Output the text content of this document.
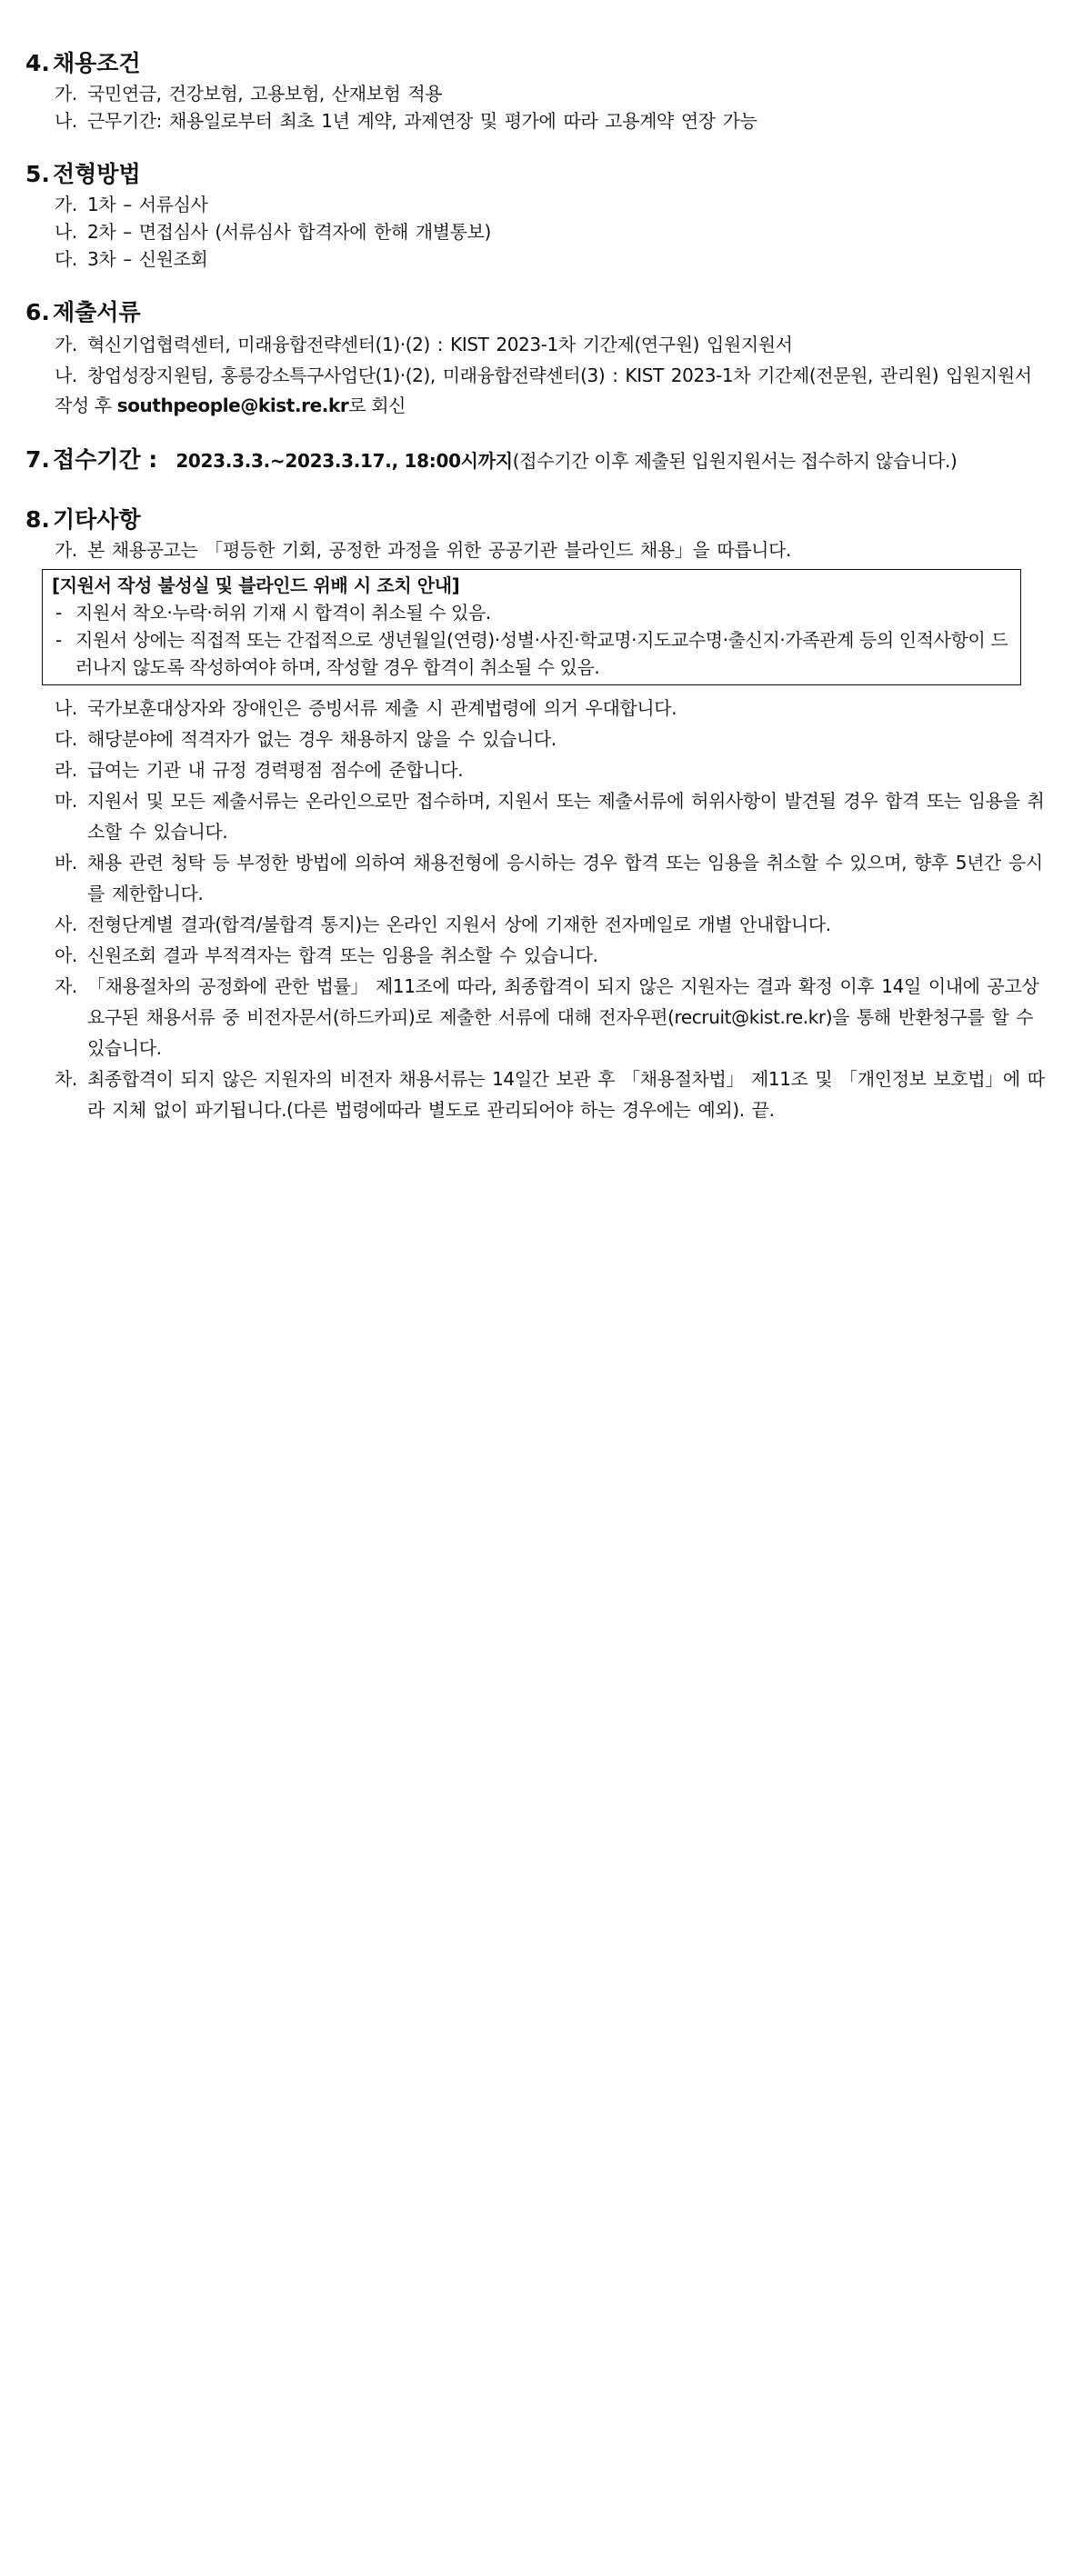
4. 채용조건
가. 국민연금, 건강보험, 고용보험, 산재보험 적용
나. 근무기간: 채용일로부터 최초 1년 계약, 과제연장 및 평가에 따라 고용계약 연장 가능
5. 전형방법
가. 1차 – 서류심사
나. 2차 – 면접심사 (서류심사 합격자에 한해 개별통보)
다. 3차 – 신원조회
6. 제출서류
가. 혁신기업협력센터, 미래융합전략센터(1)·(2) : KIST 2023-1차 기간제(연구원) 입원지원서
나. 창업성장지원팀, 홍릉강소특구사업단(1)·(2), 미래융합전략센터(3) : KIST 2023-1차 기간제(전문원, 관리원) 입원지원서
작성 후 southpeople@kist.re.kr로 회신
7. 접수기간 : 2023.3.3.~2023.3.17., 18:00시까지 (접수기간 이후 제출된 입원지원서는 접수하지 않습니다.)
8. 기타사항
가. 본 채용공고는 「평등한 기회, 공정한 과정을 위한 공공기관 블라인드 채용」을 따릅니다.
[지원서 작성 불성실 및 블라인드 위배 시 조치 안내]
- 지원서 착오·누락·허위 기재 시 합격이 취소될 수 있음.
- 지원서 상에는 직접적 또는 간접적으로 생년월일(연령)·성별·사진·학교명·지도교수명·출신지·가족관계 등의 인적사항이 드러나지 않도록 작성하여야 하며, 작성할 경우 합격이 취소될 수 있음.
나. 국가보훈대상자와 장애인은 증빙서류 제출 시 관계법령에 의거 우대합니다.
다. 해당분야에 적격자가 없는 경우 채용하지 않을 수 있습니다.
라. 급여는 기관 내 규정 경력평점 점수에 준합니다.
마. 지원서 및 모든 제출서류는 온라인으로만 접수하며, 지원서 또는 제출서류에 허위사항이 발견될 경우 합격 또는 임용을 취소할 수 있습니다.
바. 채용 관련 청탁 등 부정한 방법에 의하여 채용전형에 응시하는 경우 합격 또는 임용을 취소할 수 있으며, 향후 5년간 응시를 제한합니다.
사. 전형단계별 결과(합격/불합격 통지)는 온라인 지원서 상에 기재한 전자메일로 개별 안내합니다.
아. 신원조회 결과 부적격자는 합격 또는 임용을 취소할 수 있습니다.
자. 「채용절차의 공정화에 관한 법률」 제11조에 따라, 최종합격이 되지 않은 지원자는 결과 확정 이후 14일 이내에 공고상 요구된 채용서류 중 비전자문서(하드카피)로 제출한 서류에 대해 전자우편(recruit@kist.re.kr)을 통해 반환청구를 할 수 있습니다.
차. 최종합격이 되지 않은 지원자의 비전자 채용서류는 14일간 보관 후 「채용절차법」 제11조 및 「개인정보 보호법」에 따라 지체 없이 파기됩니다.(다른 법령에따라 별도로 관리되어야 하는 경우에는 예외). 끝.
